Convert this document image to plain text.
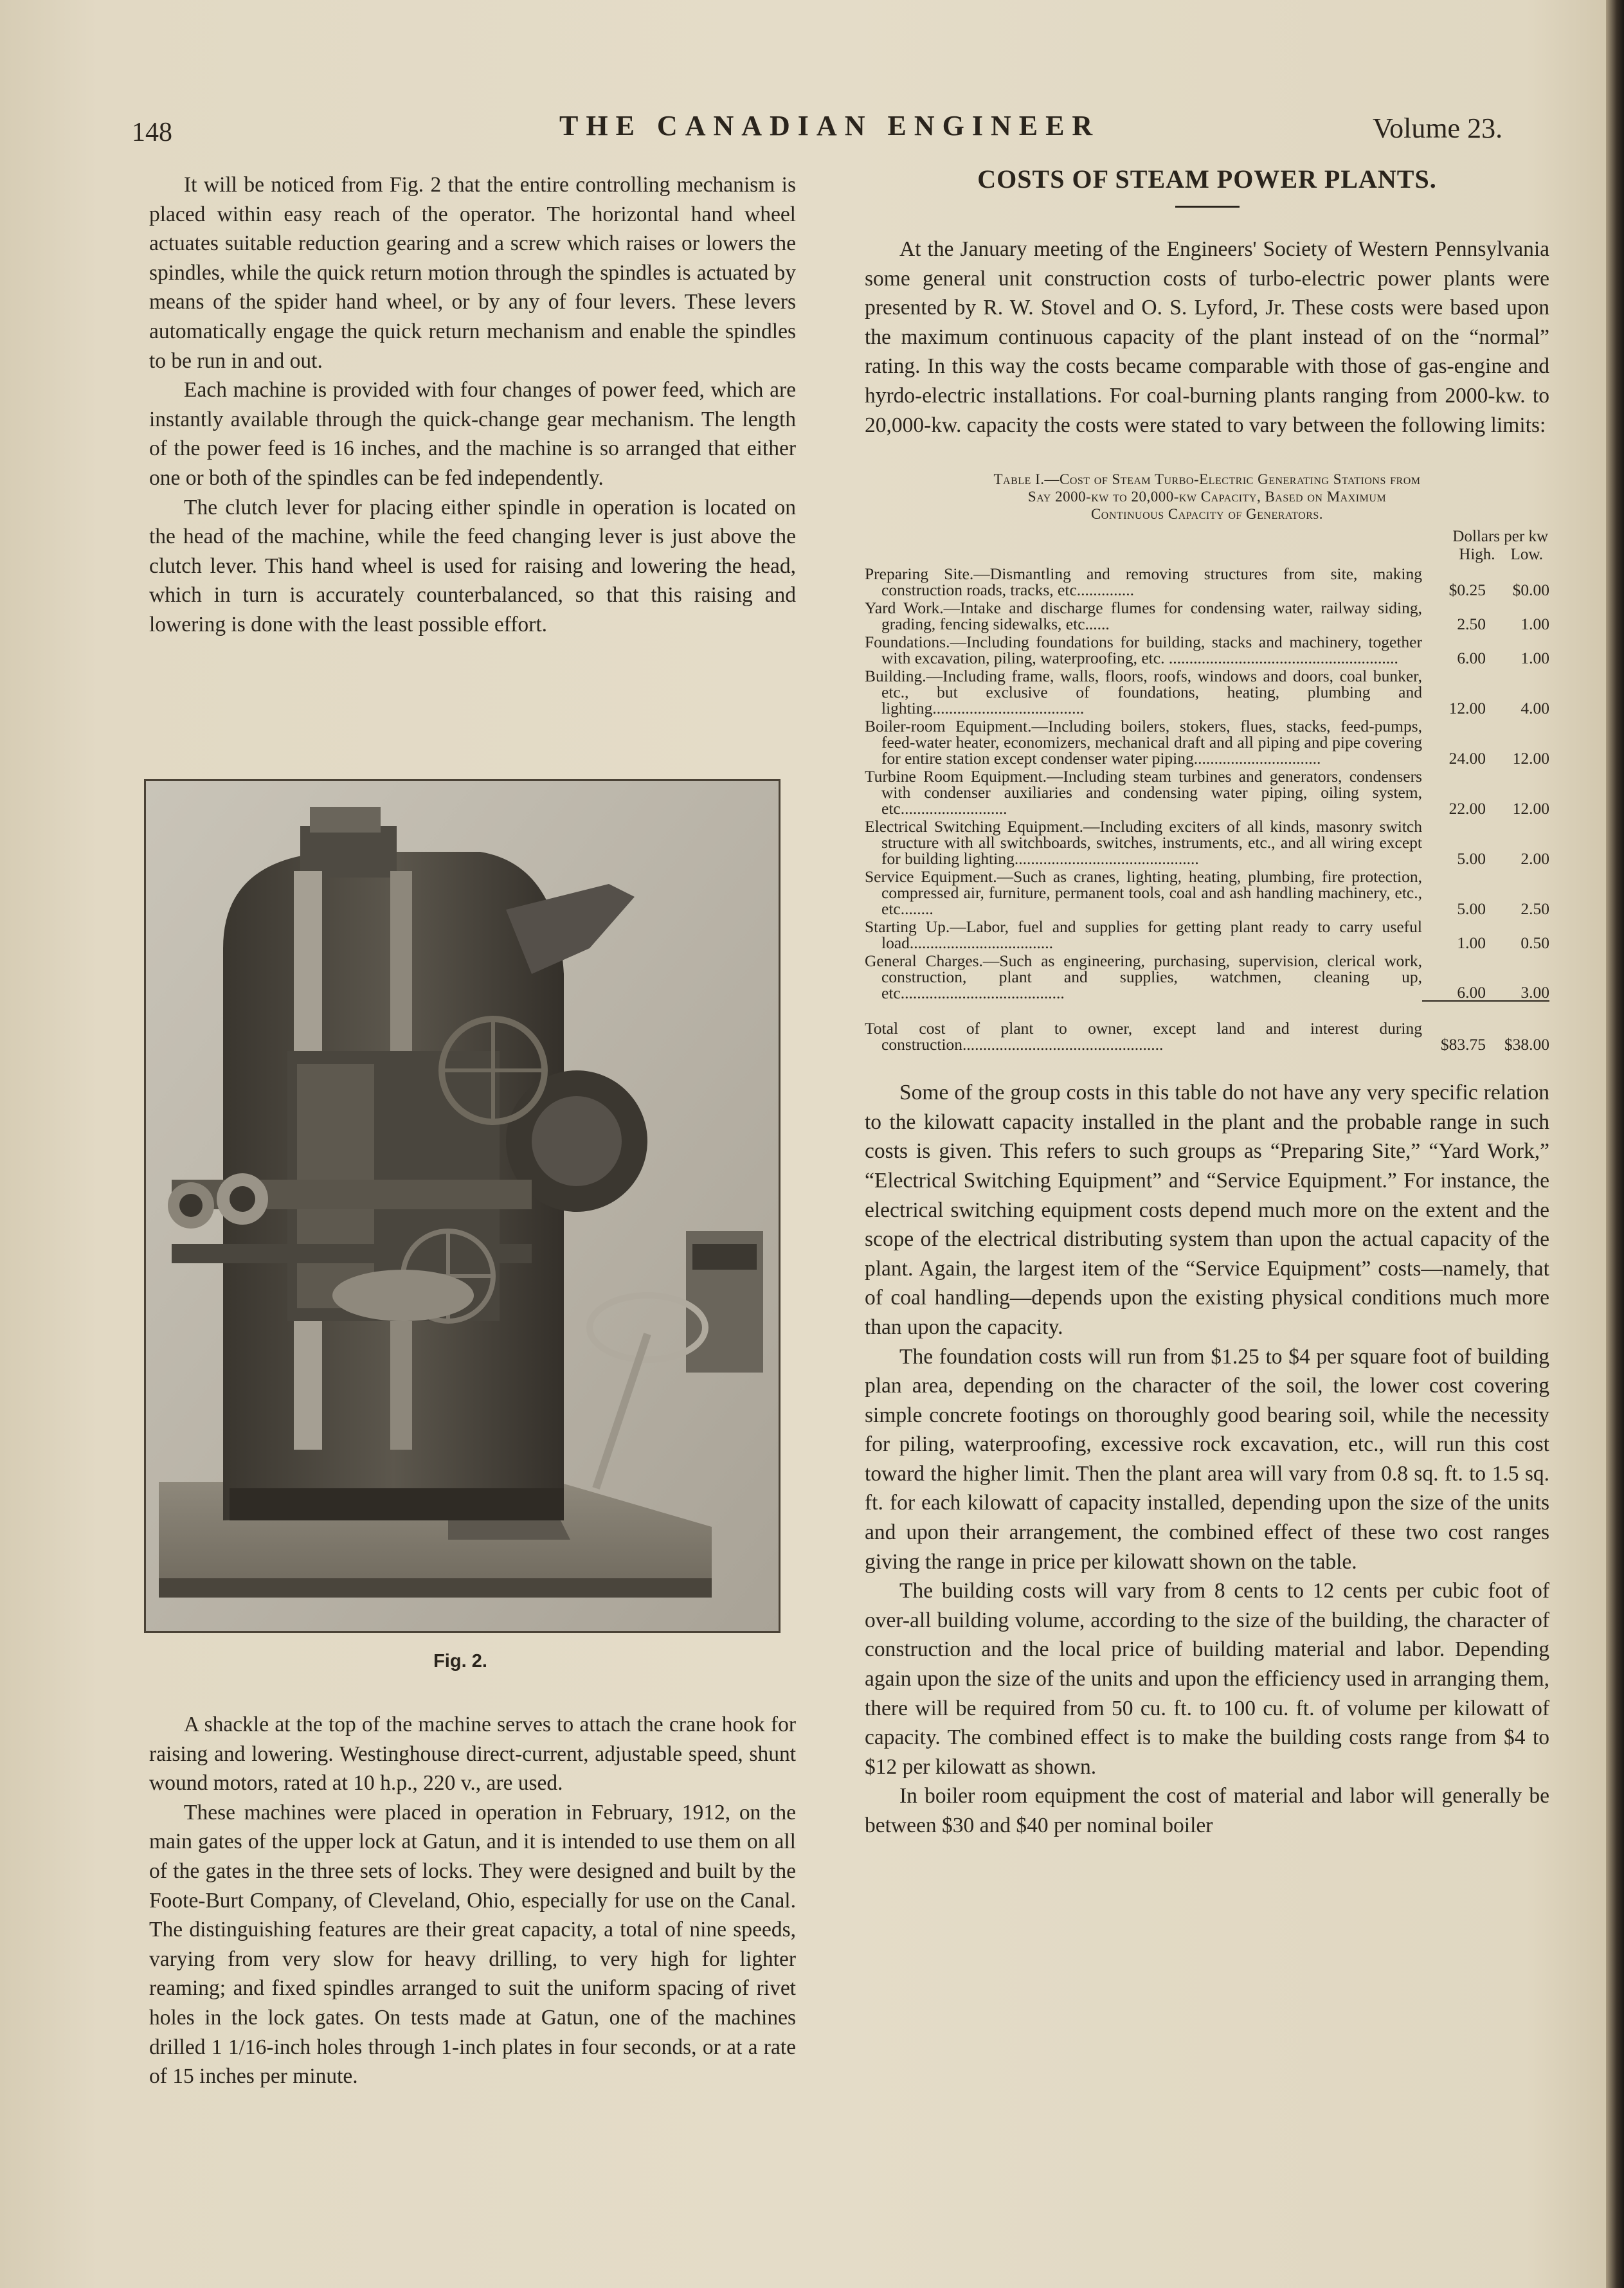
148	THE CANADIAN ENGINEER	Volume 23.

It will be noticed from Fig. 2 that the entire controlling mechanism is placed within easy reach of the operator. The horizontal hand wheel actuates suitable reduction gearing and a screw which raises or lowers the spindles, while the quick return motion through the spindles is actuated by means of the spider hand wheel, or by any of four levers. These levers automatically engage the quick return mechanism and enable the spindles to be run in and out.

Each machine is provided with four changes of power feed, which are instantly available through the quick-change gear mechanism. The length of the power feed is 16 inches, and the machine is so arranged that either one or both of the spindles can be fed independently.

The clutch lever for placing either spindle in operation is located on the head of the machine, while the feed changing lever is just above the clutch lever. This hand wheel is used for raising and lowering the head, which in turn is accurately counterbalanced, so that this raising and lowering is done with the least possible effort.

Fig. 2.

A shackle at the top of the machine serves to attach the crane hook for raising and lowering. Westinghouse direct-current, adjustable speed, shunt wound motors, rated at 10 h.p., 220 v., are used.

These machines were placed in operation in February, 1912, on the main gates of the upper lock at Gatun, and it is intended to use them on all of the gates in the three sets of locks. They were designed and built by the Foote-Burt Company, of Cleveland, Ohio, especially for use on the Canal. The distinguishing features are their great capacity, a total of nine speeds, varying from very slow for heavy drilling, to very high for lighter reaming; and fixed spindles arranged to suit the uniform spacing of rivet holes in the lock gates. On tests made at Gatun, one of the machines drilled 1 1/16-inch holes through 1-inch plates in four seconds, or at a rate of 15 inches per minute.

COSTS OF STEAM POWER PLANTS.

At the January meeting of the Engineers' Society of Western Pennsylvania some general unit construction costs of turbo-electric power plants were presented by R. W. Stovel and O. S. Lyford, Jr. These costs were based upon the maximum continuous capacity of the plant instead of on the “normal” rating. In this way the costs became comparable with those of gas-engine and hyrdo-electric installations. For coal-burning plants ranging from 2000-kw. to 20,000-kw. capacity the costs were stated to vary between the following limits:

Table I.—Cost of Steam Turbo-Electric Generating Stations from
Say 2000-kw to 20,000-kw Capacity, Based on Maximum
Continuous Capacity of Generators.
Dollars per kw
High. Low.
Preparing Site.—Dismantling and removing structures from site, making construction roads, tracks, etc..............	$0.25	$0.00
Yard Work.—Intake and discharge flumes for condensing water, railway siding, grading, fencing sidewalks, etc......	2.50	1.00
Foundations.—Including foundations for building, stacks and machinery, together with excavation, piling, waterproofing, etc. ........................................................	6.00	1.00
Building.—Including frame, walls, floors, roofs, windows and doors, coal bunker, etc., but exclusive of foundations, heating, plumbing and lighting.....................................	12.00	4.00
Boiler-room Equipment.—Including boilers, stokers, flues, stacks, feed-pumps, feed-water heater, economizers, mechanical draft and all piping and pipe covering for entire station except condenser water piping...............................	24.00	12.00
Turbine Room Equipment.—Including steam turbines and generators, condensers with condenser auxiliaries and condensing water piping, oiling system, etc..........................	22.00	12.00
Electrical Switching Equipment.—Including exciters of all kinds, masonry switch structure with all switchboards, switches, instruments, etc., and all wiring except for building lighting.............................................	5.00	2.00
Service Equipment.—Such as cranes, lighting, heating, plumbing, fire protection, compressed air, furniture, permanent tools, coal and ash handling machinery, etc., etc........	5.00	2.50
Starting Up.—Labor, fuel and supplies for getting plant ready to carry useful load...................................	1.00	0.50
General Charges.—Such as engineering, purchasing, supervision, clerical work, construction, plant and supplies, watchmen, cleaning up, etc........................................	6.00	3.00
Total cost of plant to owner, except land and interest during construction.................................................	$83.75	$38.00

Some of the group costs in this table do not have any very specific relation to the kilowatt capacity installed in the plant and the probable range in such costs is given. This refers to such groups as “Preparing Site,” “Yard Work,” “Electrical Switching Equipment” and “Service Equipment.” For instance, the electrical switching equipment costs depend much more on the extent and the scope of the electrical distributing system than upon the actual capacity of the plant. Again, the largest item of the “Service Equipment” costs—namely, that of coal handling—depends upon the existing physical conditions much more than upon the capacity.

The foundation costs will run from $1.25 to $4 per square foot of building plan area, depending on the character of the soil, the lower cost covering simple concrete footings on thoroughly good bearing soil, while the necessity for piling, waterproofing, excessive rock excavation, etc., will run this cost toward the higher limit. Then the plant area will vary from 0.8 sq. ft. to 1.5 sq. ft. for each kilowatt of capacity installed, depending upon the size of the units and upon their arrangement, the combined effect of these two cost ranges giving the range in price per kilowatt shown on the table.

The building costs will vary from 8 cents to 12 cents per cubic foot of over-all building volume, according to the size of the building, the character of construction and the local price of building material and labor. Depending again upon the size of the units and upon the efficiency used in arranging them, there will be required from 50 cu. ft. to 100 cu. ft. of volume per kilowatt of capacity. The combined effect is to make the building costs range from $4 to $12 per kilowatt as shown.

In boiler room equipment the cost of material and labor will generally be between $30 and $40 per nominal boiler
